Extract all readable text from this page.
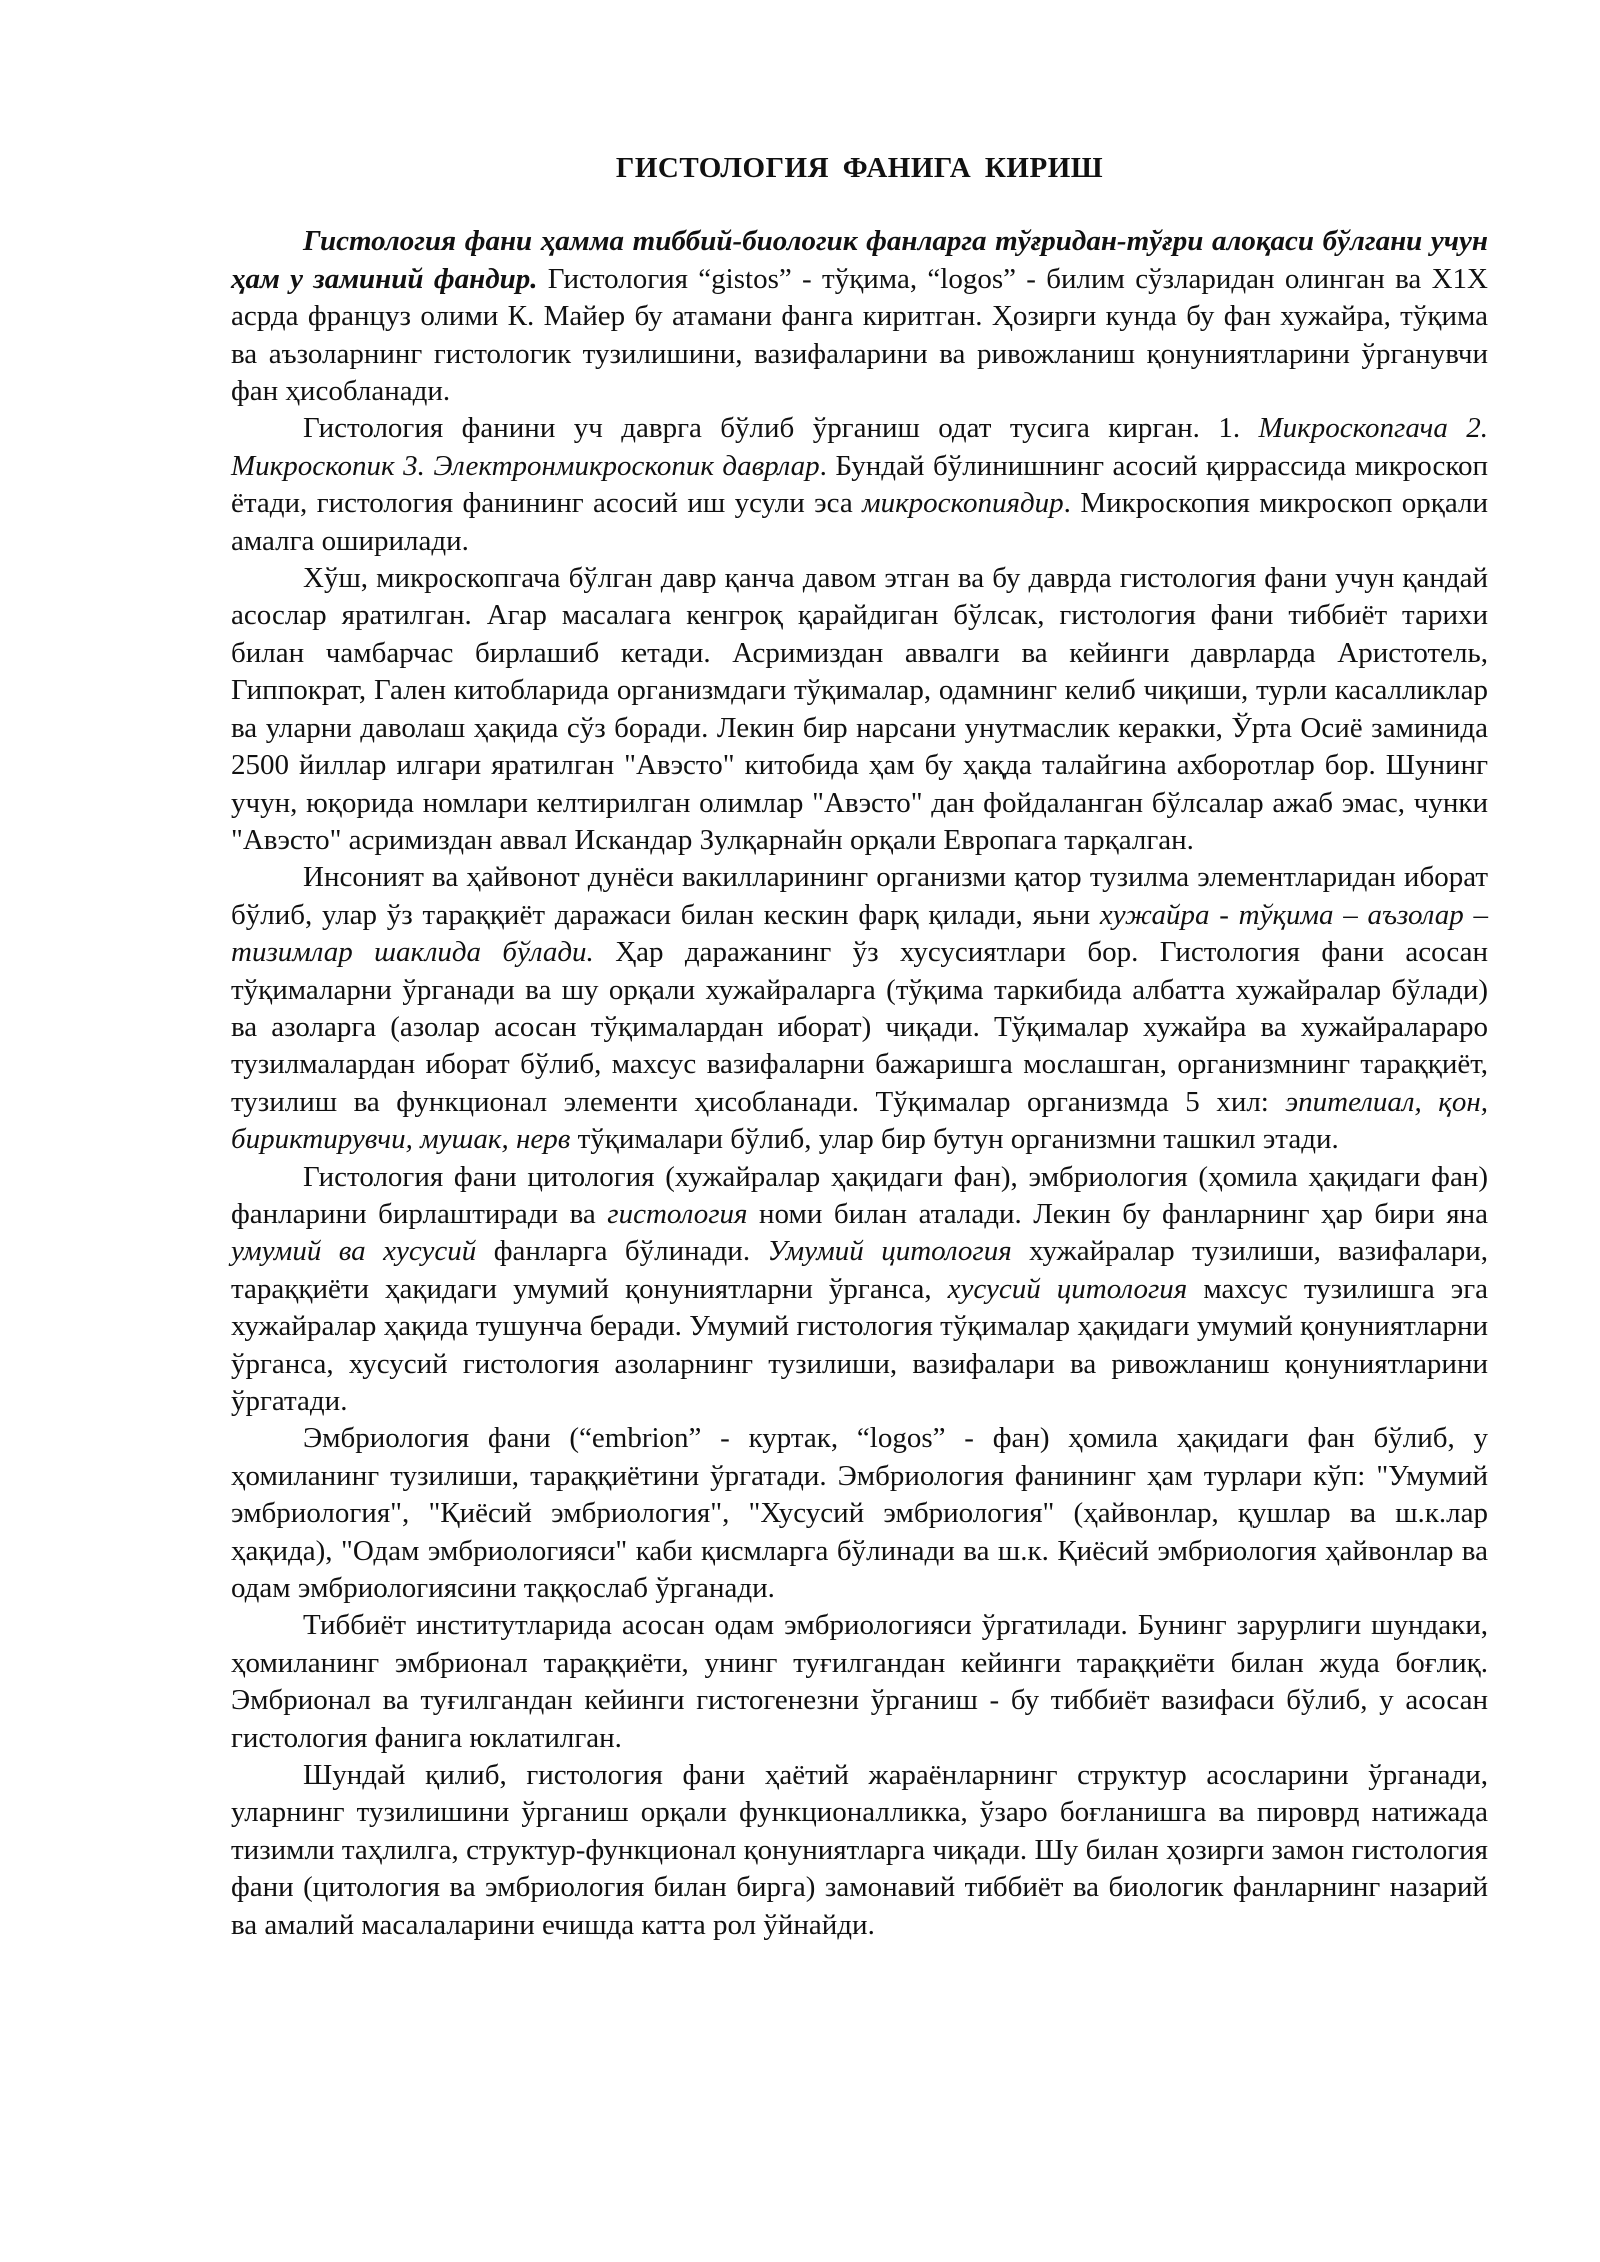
ГИСТОЛОГИЯ ФАНИГА КИРИШ

Гистология фани ҳамма тиббий-биологик фанларга тўғридан-тўғри алоқаси бўлгани учун ҳам у заминий фандир. Гистология “gistos” - тўқима, “logos” - билим сўзларидан олинган ва Х1Х асрда француз олими К. Майер бу атамани фанга киритган. Ҳозирги кунда бу фан хужайра, тўқима ва аъзоларнинг гистологик тузилишини, вазифаларини ва ривожланиш қонуниятларини ўрганувчи фан ҳисобланади.

Гистология фанини уч даврга бўлиб ўрганиш одат тусига кирган. 1. Микроскопгача 2. Микроскопик 3. Электронмикроскопик даврлар. Бундай бўлинишнинг асосий қиррассида микроскоп ётади, гистология фанининг асосий иш усули эса микроскопиядир. Микроскопия микроскоп орқали амалга оширилади.

Хўш, микроскопгача бўлган давр қанча давом этган ва бу даврда гистология фани учун қандай асослар яратилган. Агар масалага кенгроқ қарайдиган бўлсак, гистология фани тиббиёт тарихи билан чамбарчас бирлашиб кетади. Асримиздан аввалги ва кейинги даврларда Аристотель, Гиппократ, Гален китобларида организмдаги тўқималар, одамнинг келиб чиқиши, турли касалликлар ва уларни даволаш ҳақида сўз боради. Лекин бир нарсани унутмаслик керакки, Ўрта Осиё заминида 2500 йиллар илгари яратилган "Авэсто" китобида ҳам бу ҳақда талайгина ахборотлар бор. Шунинг учун, юқорида номлари келтирилган олимлар "Авэсто" дан фойдаланган бўлсалар ажаб эмас, чунки "Авэсто" асримиздан аввал Искандар Зулқарнайн орқали Европага тарқалган.

Инсоният ва ҳайвонот дунёси вакилларининг организми қатор тузилма элементларидан иборат бўлиб, улар ўз тараққиёт даражаси билан кескин фарқ қилади, яьни хужайра - тўқима – аъзолар – тизимлар шаклида бўлади. Ҳар даражанинг ўз хусусиятлари бор. Гистология фани асосан тўқималарни ўрганади ва шу орқали хужайраларга (тўқима таркибида албатта хужайралар бўлади) ва азоларга (азолар асосан тўқималардан иборат) чиқади. Тўқималар хужайра ва хужайралараро тузилмалардан иборат бўлиб, махсус вазифаларни бажаришга мослашган, организмнинг тараққиёт, тузилиш ва функционал элементи ҳисобланади. Тўқималар организмда 5 хил: эпителиал, қон, бириктирувчи, мушак, нерв тўқималари бўлиб, улар бир бутун организмни ташкил этади.

Гистология фани цитология (хужайралар ҳақидаги фан), эмбриология (ҳомила ҳақидаги фан) фанларини бирлаштиради ва гистология номи билан аталади. Лекин бу фанларнинг ҳар бири яна умумий ва хусусий фанларга бўлинади. Умумий цитология хужайралар тузилиши, вазифалари, тараққиёти ҳақидаги умумий қонуниятларни ўрганса, хусусий цитология махсус тузилишга эга хужайралар ҳақида тушунча беради. Умумий гистология тўқималар ҳақидаги умумий қонуниятларни ўрганса, хусусий гистология азоларнинг тузилиши, вазифалари ва ривожланиш қонуниятларини ўргатади.

Эмбриология фани (“embrion” - куртак, “logos” - фан) ҳомила ҳақидаги фан бўлиб, у ҳомиланинг тузилиши, тараққиётини ўргатади. Эмбриология фанининг ҳам турлари кўп: "Умумий эмбриология", "Қиёсий эмбриология", "Хусусий эмбриология" (ҳайвонлар, қушлар ва ш.к.лар ҳақида), "Одам эмбриологияси" каби қисмларга бўлинади ва ш.к. Қиёсий эмбриология ҳайвонлар ва одам эмбриологиясини таққослаб ўрганади.

Тиббиёт институтларида асосан одам эмбриологияси ўргатилади. Бунинг зарурлиги шундаки, ҳомиланинг эмбрионал тараққиёти, унинг туғилгандан кейинги тараққиёти билан жуда боғлиқ. Эмбрионал ва туғилгандан кейинги гистогенезни ўрганиш - бу тиббиёт вазифаси бўлиб, у асосан гистология фанига юклатилган.

Шундай қилиб, гистология фани ҳаётий жараёнларнинг структур асосларини ўрганади, уларнинг тузилишини ўрганиш орқали функционалликка, ўзаро боғланишга ва пироврд натижада тизимли таҳлилга, структур-функционал қонуниятларга чиқади. Шу билан ҳозирги замон гистология фани (цитология ва эмбриология билан бирга) замонавий тиббиёт ва биологик фанларнинг назарий ва амалий масалаларини ечишда катта рол ўйнайди.
